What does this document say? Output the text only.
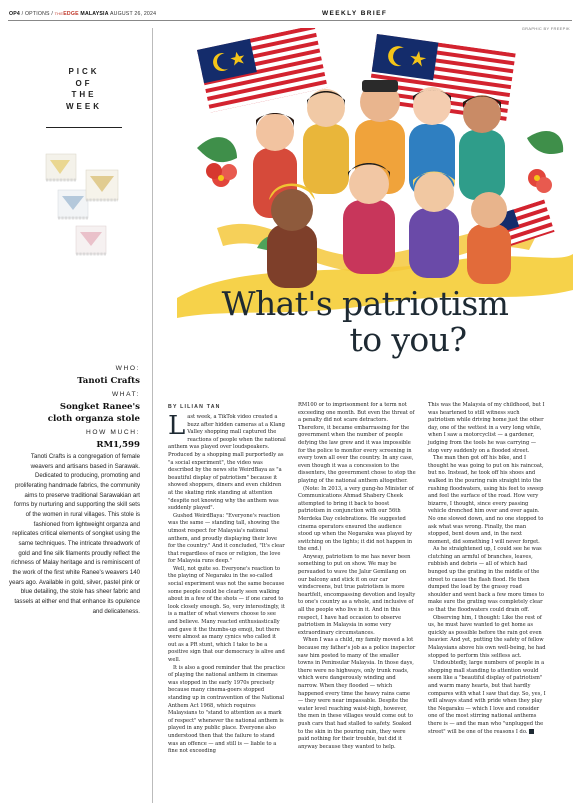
OP4 / OPTIONS / THEEDGE MALAYSIA AUGUST 26, 2024	WEEKLY BRIEF
GRAPHIC BY FREEPIK
PICK
OF
THE
WEEK
WHO:
Tanoti Crafts
WHAT:
Songket Ranee's
cloth organza stole
HOW MUCH:
RM1,599
Tanoti Crafts is a congregation of female weavers and artisans based in Sarawak. Dedicated to producing, promoting and proliferating handmade fabrics, the community aims to preserve traditional Sarawakian art forms by nurturing and supporting the skill sets of the women in rural villages. This stole is fashioned from lightweight organza and replicates critical elements of songket using the same techniques. The intricate threadwork of gold and fine silk filaments proudly reflect the richness of Malay heritage and is reminiscent of the work of the first white Ranee's weavers 140 years ago. Available in gold, silver, pastel pink or blue detailing, the stole has sheer fabric and tassels at either end that enhance its opulence and delicateness.
What's patriotism
to you?
BY LILIAN TAN

Last week, a TikTok video created a buzz after hidden cameras at a Klang Valley shopping mall captured the reactions of people when the national anthem was played over loudspeakers. Produced by a shopping mall purportedly as "a social experiment", the video was described by the news site WeirdBaya as "a beautiful display of patriotism" because it showed shoppers, diners and even children at the skating rink standing at attention "despite not knowing why the anthem was suddenly played".

Gushed WeirdBaya: "Everyone's reaction was the same — standing tall, showing the utmost respect for Malaysia's national anthem, and proudly displaying their love for the country." And it concluded, "It's clear that regardless of race or religion, the love for Malaysia runs deep."

Well, not quite so. Everyone's reaction to the playing of Negaraku in the so-called social experiment was not the same because some people could be clearly seen walking about in a few of the shots — if one cared to look closely enough. So, very interestingly, it is a matter of what viewers choose to see and believe. Many reacted enthusiastically and gave it the thumbs-up emoji, but there were almost as many cynics who called it out as a PR stunt, which I take to be a positive sign that our democracy is alive and well.

It is also a good reminder that the practice of playing the national anthem in cinemas was stopped in the early 1970s precisely because many cinema-goers stopped standing up in contravention of the National Anthem Act 1968, which requires Malaysians to "stand to attention as a mark of respect" whenever the national anthem is played in any public place. Everyone also understood then that the failure to stand was an offence — and still is — liable to a fine not exceeding

RM100 or to imprisonment for a term not exceeding one month. But even the threat of a penalty did not scare detractors. Therefore, it became embarrassing for the government when the number of people defying the law grew and it was impossible for the police to monitor every screening in every town all over the country. In any case, even though it was a concession to the dissenters, the government chose to stop the playing of the national anthem altogether.

(Note: In 2013, a very gung-ho Minister of Communications Ahmad Shabery Cheek attempted to bring it back to boost patriotism in conjunction with our 56th Merdeka Day celebrations. He suggested cinema operators ensured the audience stood up when the Negaraku was played by switching on the lights; it did not happen in the end.)

Anyway, patriotism to me has never been something to put on show. We may be persuaded to wave the Jalur Gemilang on our balcony and stick it on our car windscreens, but true patriotism is more heartfelt, encompassing devotion and loyalty to one's country as a whole, and inclusive of all the people who live in it. And in this respect, I have had occasion to observe patriotism in Malaysia in some very extraordinary circumstances.

When I was a child, my family moved a lot because my father's job as a police inspector saw him posted to many of the smaller towns in Peninsular Malaysia. In those days, there were no highways, only trunk roads, which were dangerously winding and narrow. When they flooded — which happened every time the heavy rains came — they were near impassable. Despite the water level reaching waist-high, however, the men in these villages would come out to push cars that had stalled to safety. Soaked to the skin in the pouring rain, they were paid nothing for their trouble, but did it anyway because they wanted to help.

This was the Malaysia of my childhood, but I was heartened to still witness such patriotism while driving home just the other day, one of the wettest in a very long while, when I saw a motorcyclist — a gardener, judging from the tools he was carrying — stop very suddenly on a flooded street.

The man then got off his bike, and I thought he was going to put on his raincoat, but no. Instead, he took off his shoes and walked in the pouring rain straight into the rushing floodwaters, using his feet to sweep and feel the surface of the road. How very bizarre, I thought, since every passing vehicle drenched him over and over again. No one slowed down, and no one stopped to ask what was wrong. Finally, the man stopped, bent down and, in the next moment, did something I will never forget.

As he straightened up, I could see he was clutching an armful of branches, leaves, rubbish and debris — all of which had bunged up the grating in the middle of the street to cause the flash flood. He then dumped the load by the grassy road shoulder and went back a few more times to make sure the grating was completely clear so that the floodwaters could drain off.

Observing him, I thought: Like the rest of us, he must have wanted to get home as quickly as possible before the rain got even heavier. And yet, putting the safety of fellow Malaysians above his own well-being, he had stopped to perform this selfless act.

Undoubtedly, large numbers of people in a shopping mall standing to attention would seem like a "beautiful display of patriotism" and warm many hearts, but that hardly compares with what I saw that day. So, yes, I will always stand with pride when they play the Negaraku — which I love and consider one of the most stirring national anthems there is — and the man who "unplugged the street" will be one of the reasons I do.
